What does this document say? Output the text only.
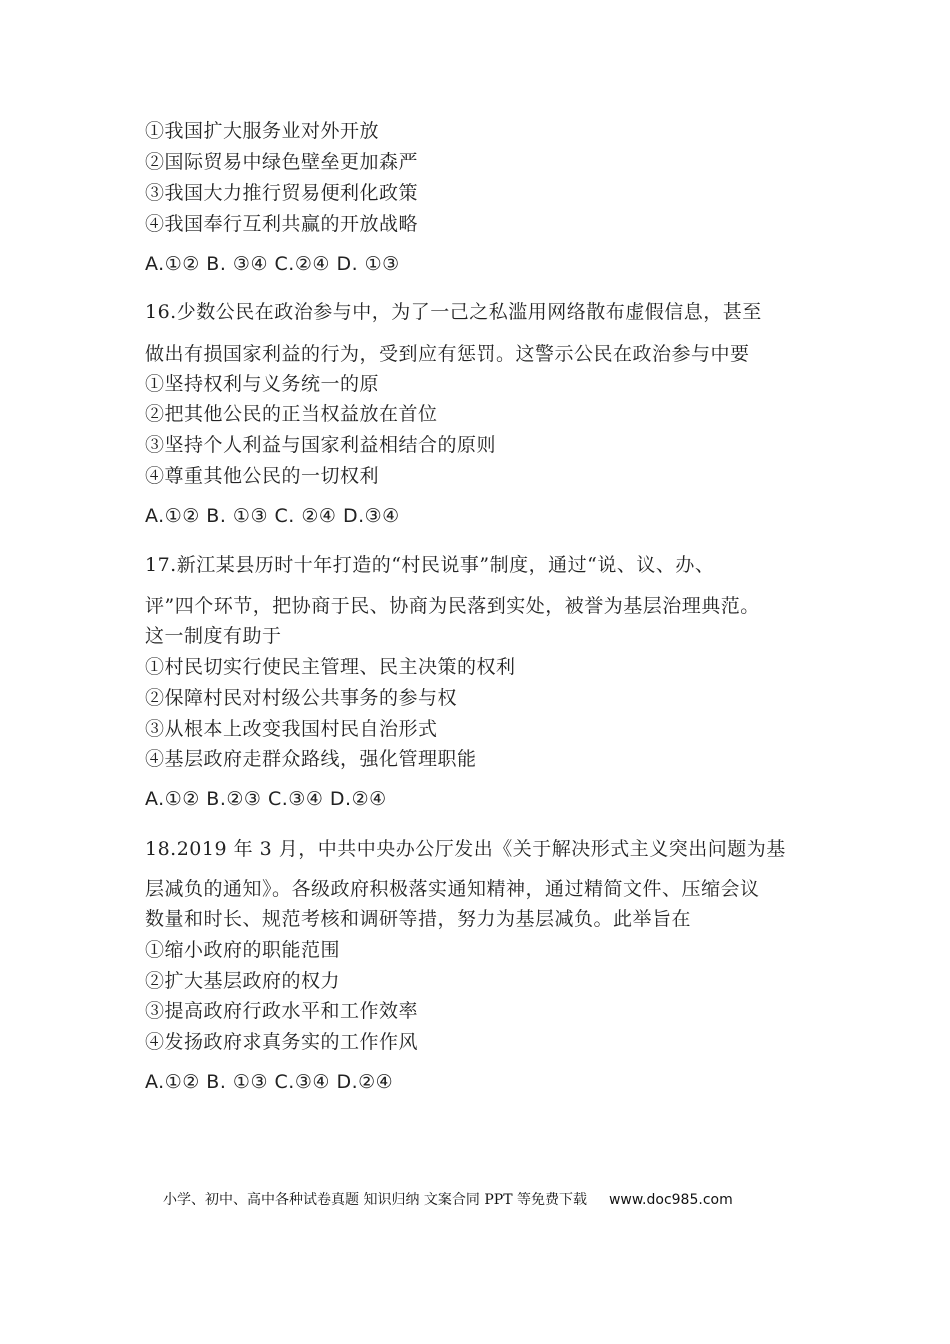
①我国扩大服务业对外开放
②国际贸易中绿色壁垒更加森严
③我国大力推行贸易便利化政策
④我国奉行互利共赢的开放战略
A.①② B. ③④ C.②④ D. ①③
16.少数公民在政治参与中，为了一己之私滥用网络散布虚假信息，甚至
做出有损国家利益的行为，受到应有惩罚。这警示公民在政治参与中要
①坚持权利与义务统一的原
②把其他公民的正当权益放在首位
③坚持个人利益与国家利益相结合的原则
④尊重其他公民的一切权利
A.①② B. ①③ C. ②④ D.③④
17.新江某县历时十年打造的“村民说事”制度，通过“说、议、办、
评”四个环节，把协商于民、协商为民落到实处，被誉为基层治理典范。
这一制度有助于
①村民切实行使民主管理、民主决策的权利
②保障村民对村级公共事务的参与权
③从根本上改变我国村民自治形式
④基层政府走群众路线，强化管理职能
A.①② B.②③ C.③④ D.②④
18.2019 年 3 月，中共中央办公厅发出《关于解决形式主义突出问题为基
层减负的通知》。各级政府积极落实通知精神，通过精简文件、压缩会议
数量和时长、规范考核和调研等措，努力为基层减负。此举旨在
①缩小政府的职能范围
②扩大基层政府的权力
③提高政府行政水平和工作效率
④发扬政府求真务实的工作作风
A.①② B. ①③ C.③④ D.②④
小学、初中、高中各种试卷真题 知识归纳 文案合同 PPT 等免费下载 www.doc985.com
